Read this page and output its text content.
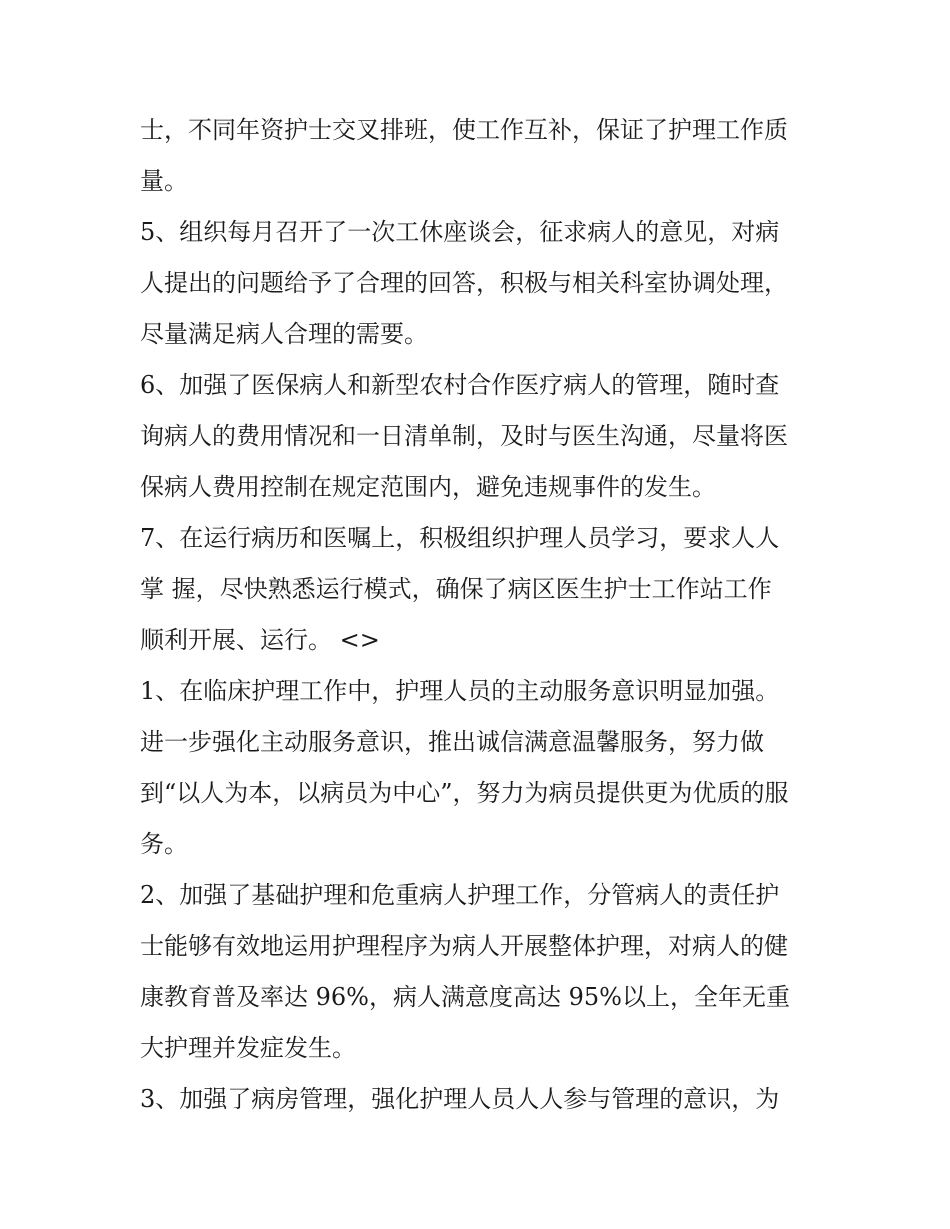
士，不同年资护士交叉排班，使工作互补，保证了护理工作质
量。
5、组织每月召开了一次工休座谈会，征求病人的意见，对病
人提出的问题给予了合理的回答，积极与相关科室协调处理，
尽量满足病人合理的需要。
6、加强了医保病人和新型农村合作医疗病人的管理，随时查
询病人的费用情况和一日清单制，及时与医生沟通，尽量将医
保病人费用控制在规定范围内，避免违规事件的发生。
7、在运行病历和医嘱上，积极组织护理人员学习，要求人人
掌 握，尽快熟悉运行模式，确保了病区医生护士工作站工作
顺利开展、运行。 <>
1、在临床护理工作中，护理人员的主动服务意识明显加强。
进一步强化主动服务意识，推出诚信满意温馨服务，努力做
到“以人为本，以病员为中心”，努力为病员提供更为优质的服
务。
2、加强了基础护理和危重病人护理工作，分管病人的责任护
士能够有效地运用护理程序为病人开展整体护理，对病人的健
康教育普及率达 96%，病人满意度高达 95%以上，全年无重
大护理并发症发生。
3、加强了病房管理，强化护理人员人人参与管理的意识，为
